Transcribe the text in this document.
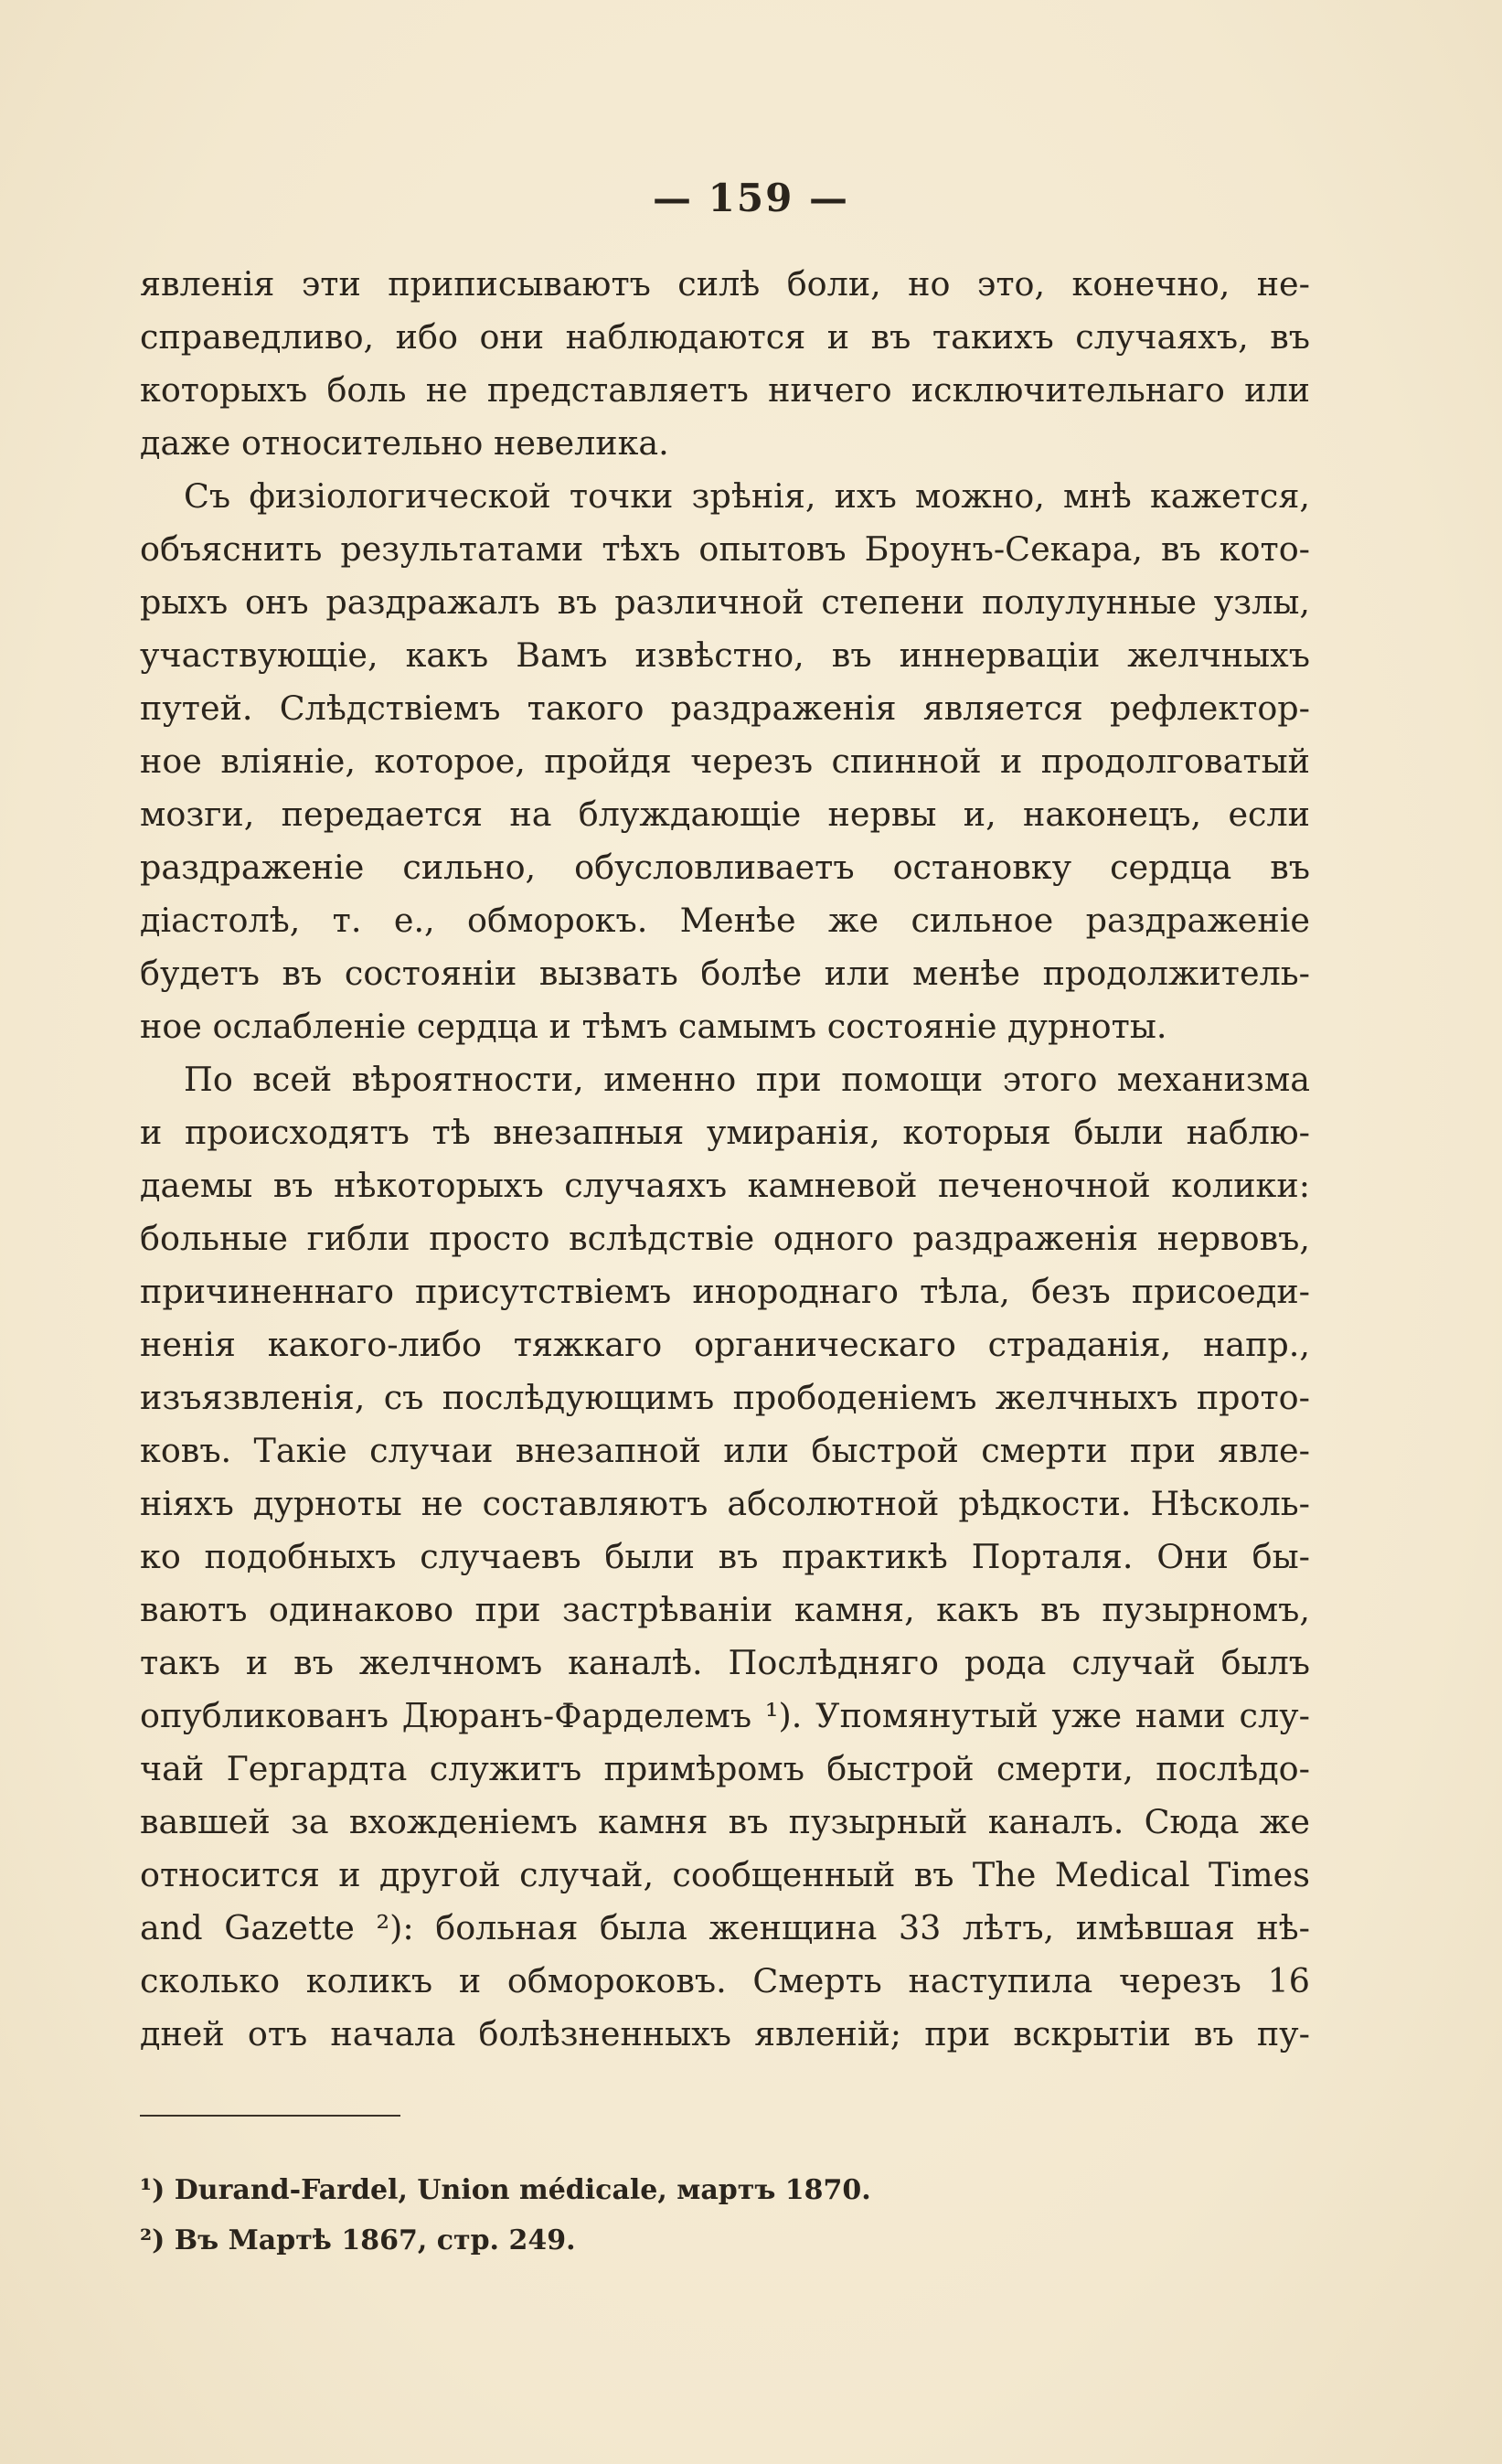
— 159 —

явленія эти приписываютъ силѣ боли, но это, конечно, не-
справедливо, ибо они наблюдаются и въ такихъ случаяхъ, въ
которыхъ боль не представляетъ ничего исключительнаго или
даже относительно невелика.

Съ физіологической точки зрѣнія, ихъ можно, мнѣ кажется,
объяснить результатами тѣхъ опытовъ Броунъ-Секара, въ кото-
рыхъ онъ раздражалъ въ различной степени полулунные узлы,
участвующіе, какъ Вамъ извѣстно, въ иннерваціи желчныхъ
путей. Слѣдствіемъ такого раздраженія является рефлектор-
ное вліяніе, которое, пройдя черезъ спинной и продолговатый
мозги, передается на блуждающіе нервы и, наконецъ, если
раздраженіе сильно, обусловливаетъ остановку сердца въ
діастолѣ, т. е., обморокъ. Менѣе же сильное раздраженіе
будетъ въ состояніи вызвать болѣе или менѣе продолжитель-
ное ослабленіе сердца и тѣмъ самымъ состояніе дурноты.

По всей вѣроятности, именно при помощи этого механизма
и происходятъ тѣ внезапныя умиранія, которыя были наблю-
даемы въ нѣкоторыхъ случаяхъ камневой печеночной колики:
больные гибли просто вслѣдствіе одного раздраженія нервовъ,
причиненнаго присутствіемъ инороднаго тѣла, безъ присоеди-
ненія какого-либо тяжкаго органическаго страданія, напр.,
изъязвленія, съ послѣдующимъ прободеніемъ желчныхъ прото-
ковъ. Такіе случаи внезапной или быстрой смерти при явле-
ніяхъ дурноты не составляютъ абсолютной рѣдкости. Нѣсколь-
ко подобныхъ случаевъ были въ практикѣ Порталя. Они бы-
ваютъ одинаково при застрѣваніи камня, какъ въ пузырномъ,
такъ и въ желчномъ каналѣ. Послѣдняго рода случай былъ
опубликованъ Дюранъ-Фарделемъ ¹). Упомянутый уже нами слу-
чай Гергардта служитъ примѣромъ быстрой смерти, послѣдо-
вавшей за вхожденіемъ камня въ пузырный каналъ. Сюда же
относится и другой случай, сообщенный въ The Medical Times
and Gazette ²): больная была женщина 33 лѣтъ, имѣвшая нѣ-
сколько коликъ и обмороковъ. Смерть наступила черезъ 16
дней отъ начала болѣзненныхъ явленій; при вскрытіи въ пу-

¹) Durand-Fardel, Union médicale, мартъ 1870.
²) Въ Мартѣ 1867, стр. 249.
